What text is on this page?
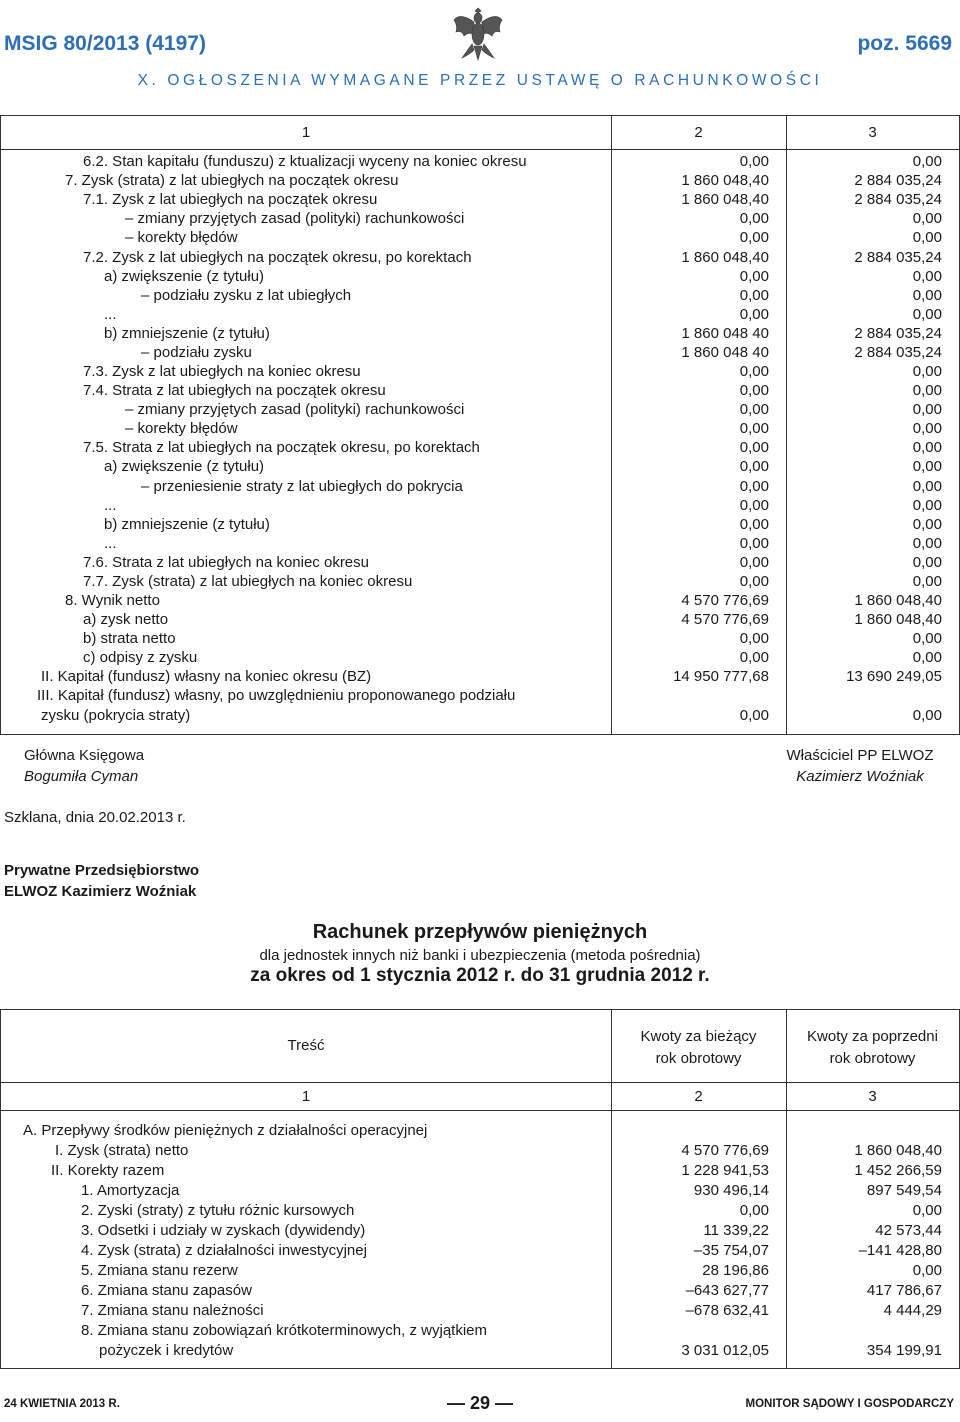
MSIG 80/2013 (4197)	poz. 5669
X. OGŁOSZENIA WYMAGANE PRZEZ USTAWĘ O RACHUNKOWOŚCI
1	2	3
6.2. Stan kapitału (funduszu) z ktualizacji wyceny na koniec okresu	0,00	0,00
7. Zysk (strata) z lat ubiegłych na początek okresu	1 860 048,40	2 884 035,24
7.1. Zysk z lat ubiegłych na początek okresu	1 860 048,40	2 884 035,24
– zmiany przyjętych zasad (polityki) rachunkowości	0,00	0,00
– korekty błędów	0,00	0,00
7.2. Zysk z lat ubiegłych na początek okresu, po korektach	1 860 048,40	2 884 035,24
a) zwiększenie (z tytułu)	0,00	0,00
– podziału zysku z lat ubiegłych	0,00	0,00
...	0,00	0,00
b) zmniejszenie (z tytułu)	1 860 048 40	2 884 035,24
– podziału zysku	1 860 048 40	2 884 035,24
7.3. Zysk z lat ubiegłych na koniec okresu	0,00	0,00
7.4. Strata z lat ubiegłych na początek okresu	0,00	0,00
– zmiany przyjętych zasad (polityki) rachunkowości	0,00	0,00
– korekty błędów	0,00	0,00
7.5. Strata z lat ubiegłych na początek okresu, po korektach	0,00	0,00
a) zwiększenie (z tytułu)	0,00	0,00
– przeniesienie straty z lat ubiegłych do pokrycia	0,00	0,00
...	0,00	0,00
b) zmniejszenie (z tytułu)	0,00	0,00
...	0,00	0,00
7.6. Strata z lat ubiegłych na koniec okresu	0,00	0,00
7.7. Zysk (strata) z lat ubiegłych na koniec okresu	0,00	0,00
8. Wynik netto	4 570 776,69	1 860 048,40
a) zysk netto	4 570 776,69	1 860 048,40
b) strata netto	0,00	0,00
c) odpisy z zysku	0,00	0,00
II. Kapitał (fundusz) własny na koniec okresu (BZ)	14 950 777,68	13 690 249,05
III. Kapitał (fundusz) własny, po uwzględnieniu proponowanego podziału
zysku (pokrycia straty)	0,00	0,00
Główna Księgowa
Bogumiła Cyman
Właściciel PP ELWOZ
Kazimierz Woźniak
Szklana, dnia 20.02.2013 r.
Prywatne Przedsiębiorstwo
ELWOZ Kazimierz Woźniak
Rachunek przepływów pieniężnych
dla jednostek innych niż banki i ubezpieczenia (metoda pośrednia)
za okres od 1 stycznia 2012 r. do 31 grudnia 2012 r.
Treść
Kwoty za bieżący
rok obrotowy
Kwoty za poprzedni
rok obrotowy
1	2	3
A. Przepływy środków pieniężnych z działalności operacyjnej
I. Zysk (strata) netto	4 570 776,69	1 860 048,40
II. Korekty razem	1 228 941,53	1 452 266,59
1. Amortyzacja	930 496,14	897 549,54
2. Zyski (straty) z tytułu różnic kursowych	0,00	0,00
3. Odsetki i udziały w zyskach (dywidendy)	11 339,22	42 573,44
4. Zysk (strata) z działalności inwestycyjnej	–35 754,07	–141 428,80
5. Zmiana stanu rezerw	28 196,86	0,00
6. Zmiana stanu zapasów	–643 627,77	417 786,67
7. Zmiana stanu należności	–678 632,41	4 444,29
8. Zmiana stanu zobowiązań krótkoterminowych, z wyjątkiem
pożyczek i kredytów	3 031 012,05	354 199,91
24 KWIETNIA 2013 R.	— 29 —	MONITOR SĄDOWY I GOSPODARCZY
